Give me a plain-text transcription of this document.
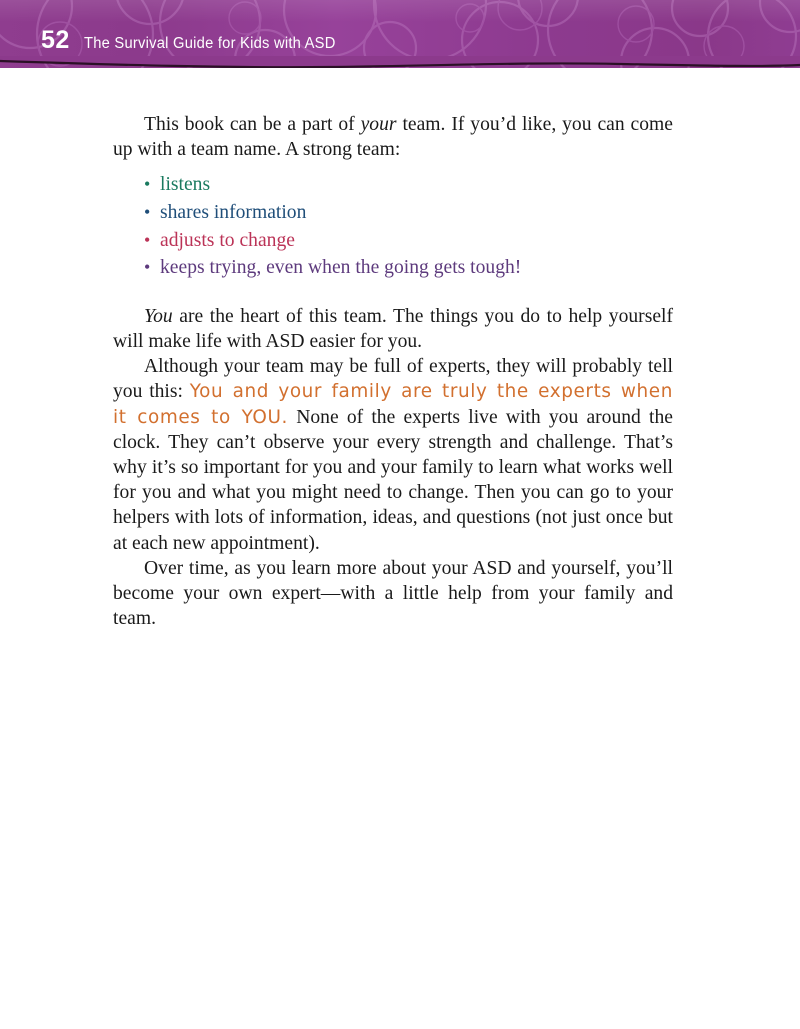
52 The Survival Guide for Kids with ASD

This book can be a part of your team. If you’d like, you can come up with a team name. A strong team:

• listens
• shares information
• adjusts to change
• keeps trying, even when the going gets tough!

You are the heart of this team. The things you do to help yourself will make life with ASD easier for you.

Although your team may be full of experts, they will probably tell you this: You and your family are truly the experts when it comes to YOU. None of the experts live with you around the clock. They can’t observe your every strength and challenge. That’s why it’s so important for you and your family to learn what works well for you and what you might need to change. Then you can go to your helpers with lots of information, ideas, and questions (not just once but at each new appointment).

Over time, as you learn more about your ASD and yourself, you’ll become your own expert—with a little help from your family and team.
